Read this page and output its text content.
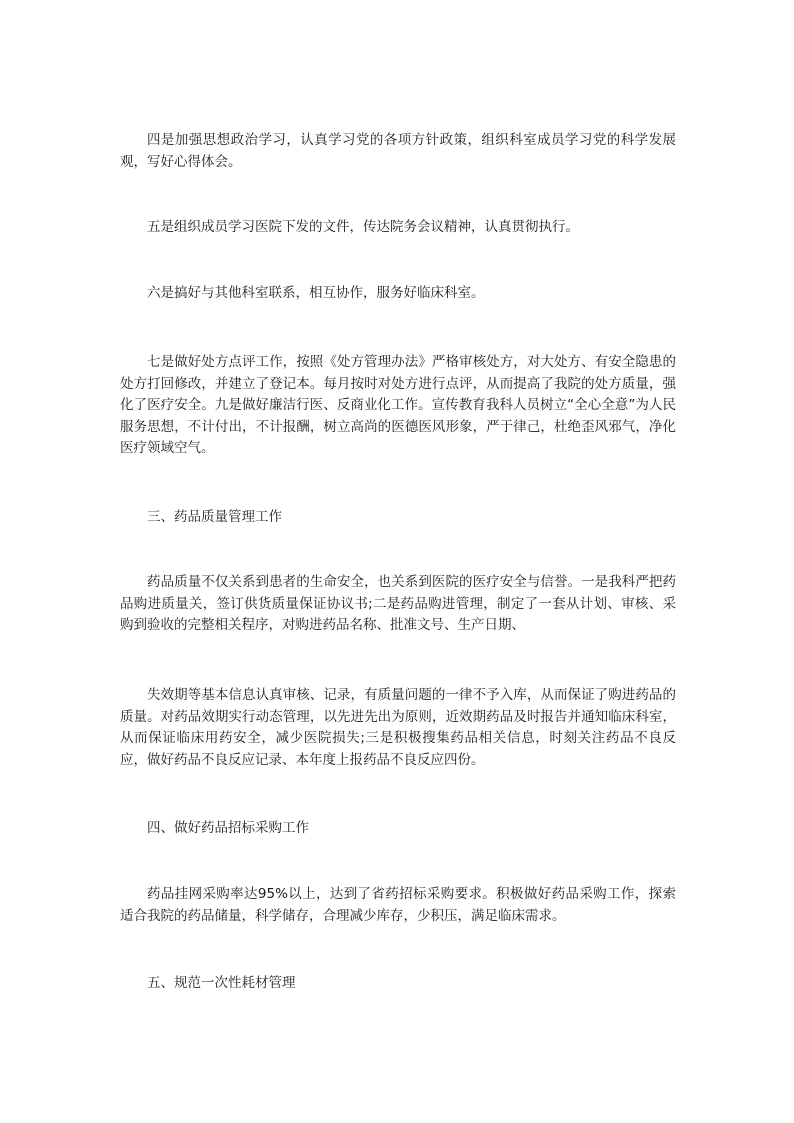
四是加强思想政治学习，认真学习党的各项方针政策，组织科室成员学习党的科学发展观，写好心得体会。

五是组织成员学习医院下发的文件，传达院务会议精神，认真贯彻执行。

六是搞好与其他科室联系，相互协作，服务好临床科室。

七是做好处方点评工作，按照《处方管理办法》严格审核处方，对大处方、有安全隐患的处方打回修改，并建立了登记本。每月按时对处方进行点评，从而提高了我院的处方质量，强化了医疗安全。九是做好廉洁行医、反商业化工作。宣传教育我科人员树立“全心全意”为人民服务思想，不计付出，不计报酬，树立高尚的医德医风形象，严于律己，杜绝歪风邪气，净化医疗领域空气。

三、药品质量管理工作

药品质量不仅关系到患者的生命安全，也关系到医院的医疗安全与信誉。一是我科严把药品购进质量关，签订供货质量保证协议书;二是药品购进管理，制定了一套从计划、审核、采购到验收的完整相关程序，对购进药品名称、批准文号、生产日期、

失效期等基本信息认真审核、记录，有质量问题的一律不予入库，从而保证了购进药品的质量。对药品效期实行动态管理，以先进先出为原则，近效期药品及时报告并通知临床科室，从而保证临床用药安全，减少医院损失;三是积极搜集药品相关信息，时刻关注药品不良反应，做好药品不良反应记录、本年度上报药品不良反应四份。

四、做好药品招标采购工作

药品挂网采购率达95%以上，达到了省药招标采购要求。积极做好药品采购工作，探索适合我院的药品储量，科学储存，合理减少库存，少积压，满足临床需求。

五、规范一次性耗材管理
